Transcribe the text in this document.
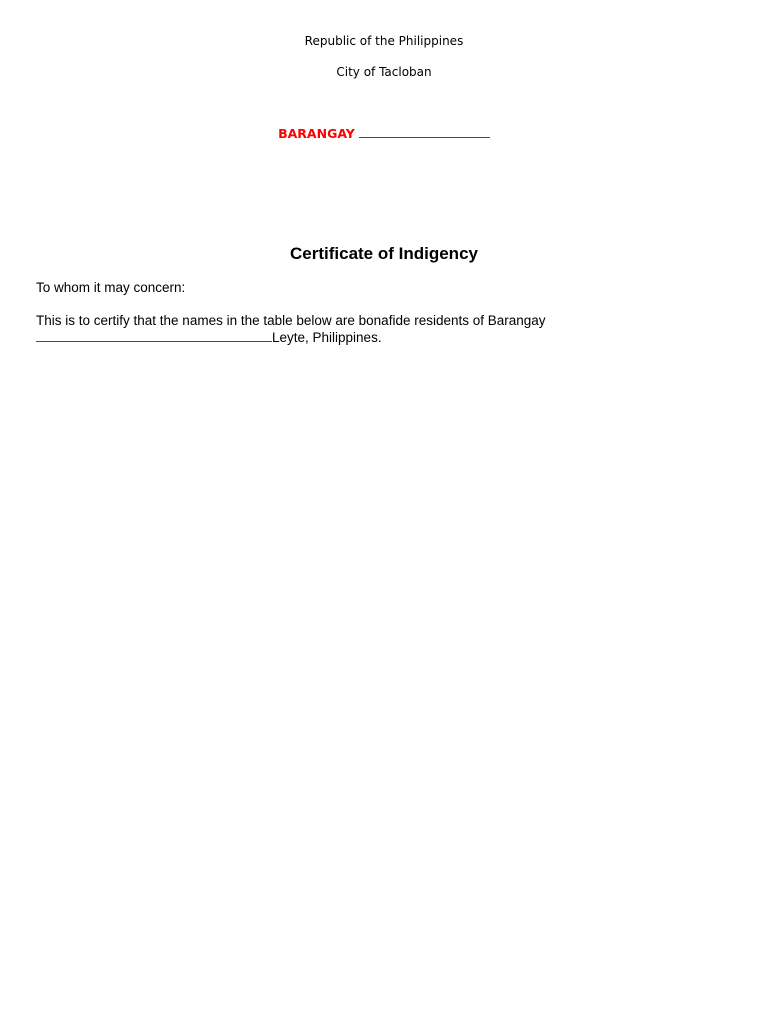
Republic of the Philippines
City of Tacloban
BARANGAY
Certificate of Indigency
To whom it may concern:
This is to certify that the names in the table below are bonafide residents of Barangay
Leyte, Philippines.
